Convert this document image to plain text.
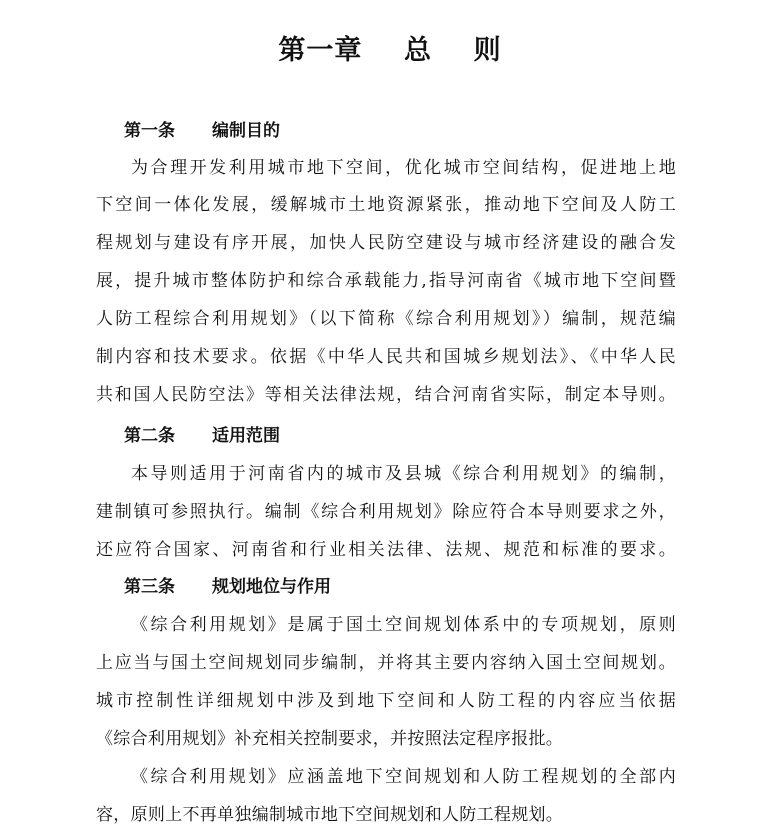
第一章    总    则
第一条 编制目的
为合理开发利用城市地下空间，优化城市空间结构，促进地上地
下空间一体化发展，缓解城市土地资源紧张，推动地下空间及人防工
程规划与建设有序开展，加快人民防空建设与城市经济建设的融合发
展，提升城市整体防护和综合承载能力,指导河南省《城市地下空间暨
人防工程综合利用规划》（以下简称《综合利用规划》）编制，规范编
制内容和技术要求。依据《中华人民共和国城乡规划法》、《中华人民
共和国人民防空法》等相关法律法规，结合河南省实际，制定本导则。
第二条 适用范围
本导则适用于河南省内的城市及县城《综合利用规划》的编制，
建制镇可参照执行。编制《综合利用规划》除应符合本导则要求之外，
还应符合国家、河南省和行业相关法律、法规、规范和标准的要求。
第三条 规划地位与作用
《综合利用规划》是属于国土空间规划体系中的专项规划，原则
上应当与国土空间规划同步编制，并将其主要内容纳入国土空间规划。
城市控制性详细规划中涉及到地下空间和人防工程的内容应当依据
《综合利用规划》补充相关控制要求，并按照法定程序报批。
《综合利用规划》应涵盖地下空间规划和人防工程规划的全部内
容，原则上不再单独编制城市地下空间规划和人防工程规划。
